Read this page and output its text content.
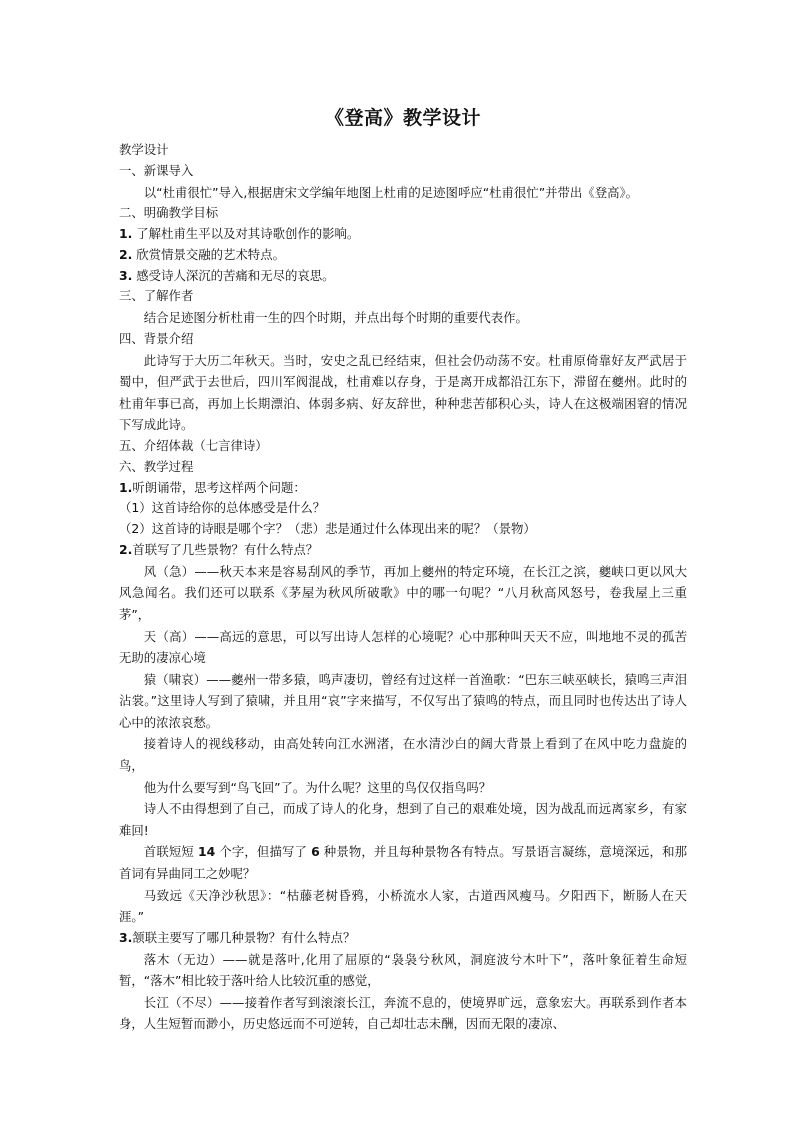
《登高》教学设计
教学设计
一、新课导入

以“杜甫很忙”导入,根据唐宋文学编年地图上杜甫的足迹图呼应“杜甫很忙”并带出《登高》。

二、明确教学目标
1. 了解杜甫生平以及对其诗歌创作的影响。
2. 欣赏情景交融的艺术特点。
3. 感受诗人深沉的苦痛和无尽的哀思。
三、了解作者

结合足迹图分析杜甫一生的四个时期，并点出每个时期的重要代表作。

四、背景介绍

此诗写于大历二年秋天。当时，安史之乱已经结束，但社会仍动荡不安。杜甫原倚靠好友严武居于蜀中，但严武于去世后，四川军阀混战，杜甫难以存身，于是离开成都沿江东下，滞留在夔州。此时的杜甫年事已高，再加上长期漂泊、体弱多病、好友辞世，种种悲苦郁积心头，诗人在这极端困窘的情况下写成此诗。

五、介绍体裁（七言律诗）
六、教学过程
1.听朗诵带，思考这样两个问题：
（1）这首诗给你的总体感受是什么？
（2）这首诗的诗眼是哪个字？（悲）悲是通过什么体现出来的呢？（景物）
2.首联写了几些景物？有什么特点？

风（急）——秋天本来是容易刮风的季节，再加上夔州的特定环境，在长江之滨，夔峡口更以风大风急闻名。我们还可以联系《茅屋为秋风所破歌》中的哪一句呢？“八月秋高风怒号，卷我屋上三重茅”，

天（高）——高远的意思，可以写出诗人怎样的心境呢？心中那种叫天天不应，叫地地不灵的孤苦无助的凄凉心境

猿（啸哀）——夔州一带多猿，鸣声凄切，曾经有过这样一首渔歌：“巴东三峡巫峡长，猿鸣三声泪沾裳。”这里诗人写到了猿啸，并且用“哀”字来描写，不仅写出了猿鸣的特点，而且同时也传达出了诗人心中的浓浓哀愁。

接着诗人的视线移动，由高处转向江水洲渚，在水清沙白的阔大背景上看到了在风中吃力盘旋的鸟，

他为什么要写到“鸟飞回”了。为什么呢？这里的鸟仅仅指鸟吗？

诗人不由得想到了自己，而成了诗人的化身，想到了自己的艰难处境，因为战乱而远离家乡，有家难回!

首联短短 14 个字，但描写了 6 种景物，并且每种景物各有特点。写景语言凝练，意境深远，和那首词有异曲同工之妙呢？

马致远《天净沙秋思》：“枯藤老树昏鸦，小桥流水人家，古道西风瘦马。夕阳西下，断肠人在天涯。”

3.颔联主要写了哪几种景物？有什么特点？

落木（无边）——就是落叶,化用了屈原的“袅袅兮秋风，洞庭波兮木叶下”，落叶象征着生命短暂，“落木”相比较于落叶给人比较沉重的感觉，

长江（不尽）——接着作者写到滚滚长江，奔流不息的，使境界旷远，意象宏大。再联系到作者本身，人生短暂而渺小，历史悠远而不可逆转，自己却壮志未酬，因而无限的凄凉、
